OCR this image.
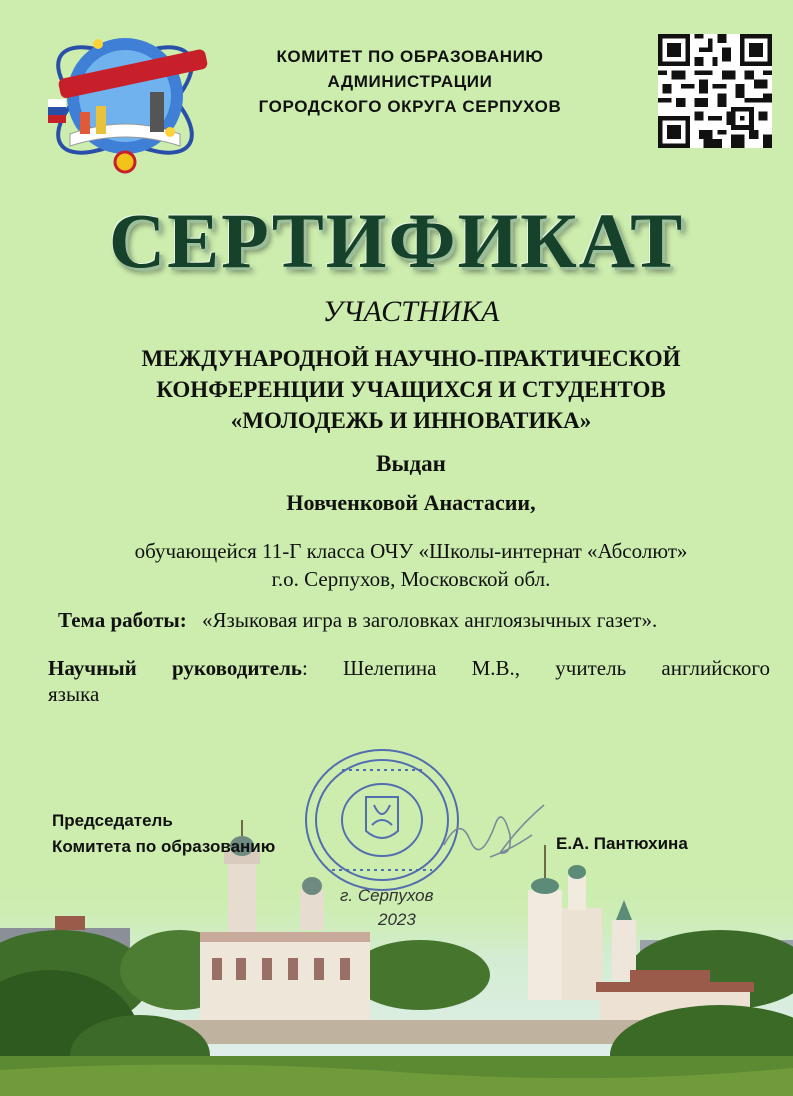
КОМИТЕТ ПО ОБРАЗОВАНИЮ
АДМИНИСТРАЦИИ
ГОРОДСКОГО ОКРУГА СЕРПУХОВ
СЕРТИФИКАТ
УЧАСТНИКА
МЕЖДУНАРОДНОЙ НАУЧНО-ПРАКТИЧЕСКОЙ
КОНФЕРЕНЦИИ УЧАЩИХСЯ И СТУДЕНТОВ
«МОЛОДЕЖЬ И ИННОВАТИКА»
Выдан
Новченковой Анастасии,
обучающейся 11-Г класса ОЧУ «Школы-интернат «Абсолют»
г.о. Серпухов, Московской обл.
Тема работы: «Языковая игра в заголовках англоязычных газет».
Научный руководитель: Шелепина М.В., учитель английского
языка
Председатель
Комитета по образованию	Е.А. Пантюхина
г. Серпухов
2023
